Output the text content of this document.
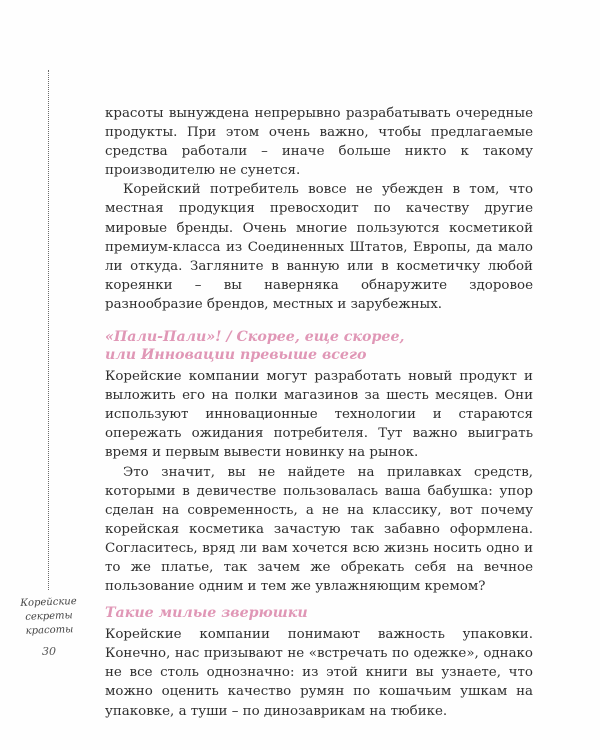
Корейские
секреты
красоты
30

красоты вынуждена непрерывно разрабатывать очередные продукты. При этом очень важно, чтобы предлагаемые средства работали – иначе больше никто к такому производителю не сунется.

Корейский потребитель вовсе не убежден в том, что местная продукция превосходит по качеству другие мировые бренды. Очень многие пользуются косметикой премиум-класса из Соединенных Штатов, Европы, да мало ли откуда. Загляните в ванную или в косметичку любой кореянки – вы наверняка обнаружите здоровое разнообразие брендов, местных и зарубежных.

«Пали-Пали»! / Скорее, еще скорее,
или Инновации превыше всего

Корейские компании могут разработать новый продукт и выложить его на полки магазинов за шесть месяцев. Они используют инновационные технологии и стараются опережать ожидания потребителя. Тут важно выиграть время и первым вывести новинку на рынок.

Это значит, вы не найдете на прилавках средств, которыми в девичестве пользовалась ваша бабушка: упор сделан на современность, а не на классику, вот почему корейская косметика зачастую так забавно оформлена. Согласитесь, вряд ли вам хочется всю жизнь носить одно и то же платье, так зачем же обрекать себя на вечное пользование одним и тем же увлажняющим кремом?

Такие милые зверюшки

Корейские компании понимают важность упаковки. Конечно, нас призывают не «встречать по одежке», однако не все столь однозначно: из этой книги вы узнаете, что можно оценить качество румян по кошачьим ушкам на упаковке, а туши – по динозаврикам на тюбике.
